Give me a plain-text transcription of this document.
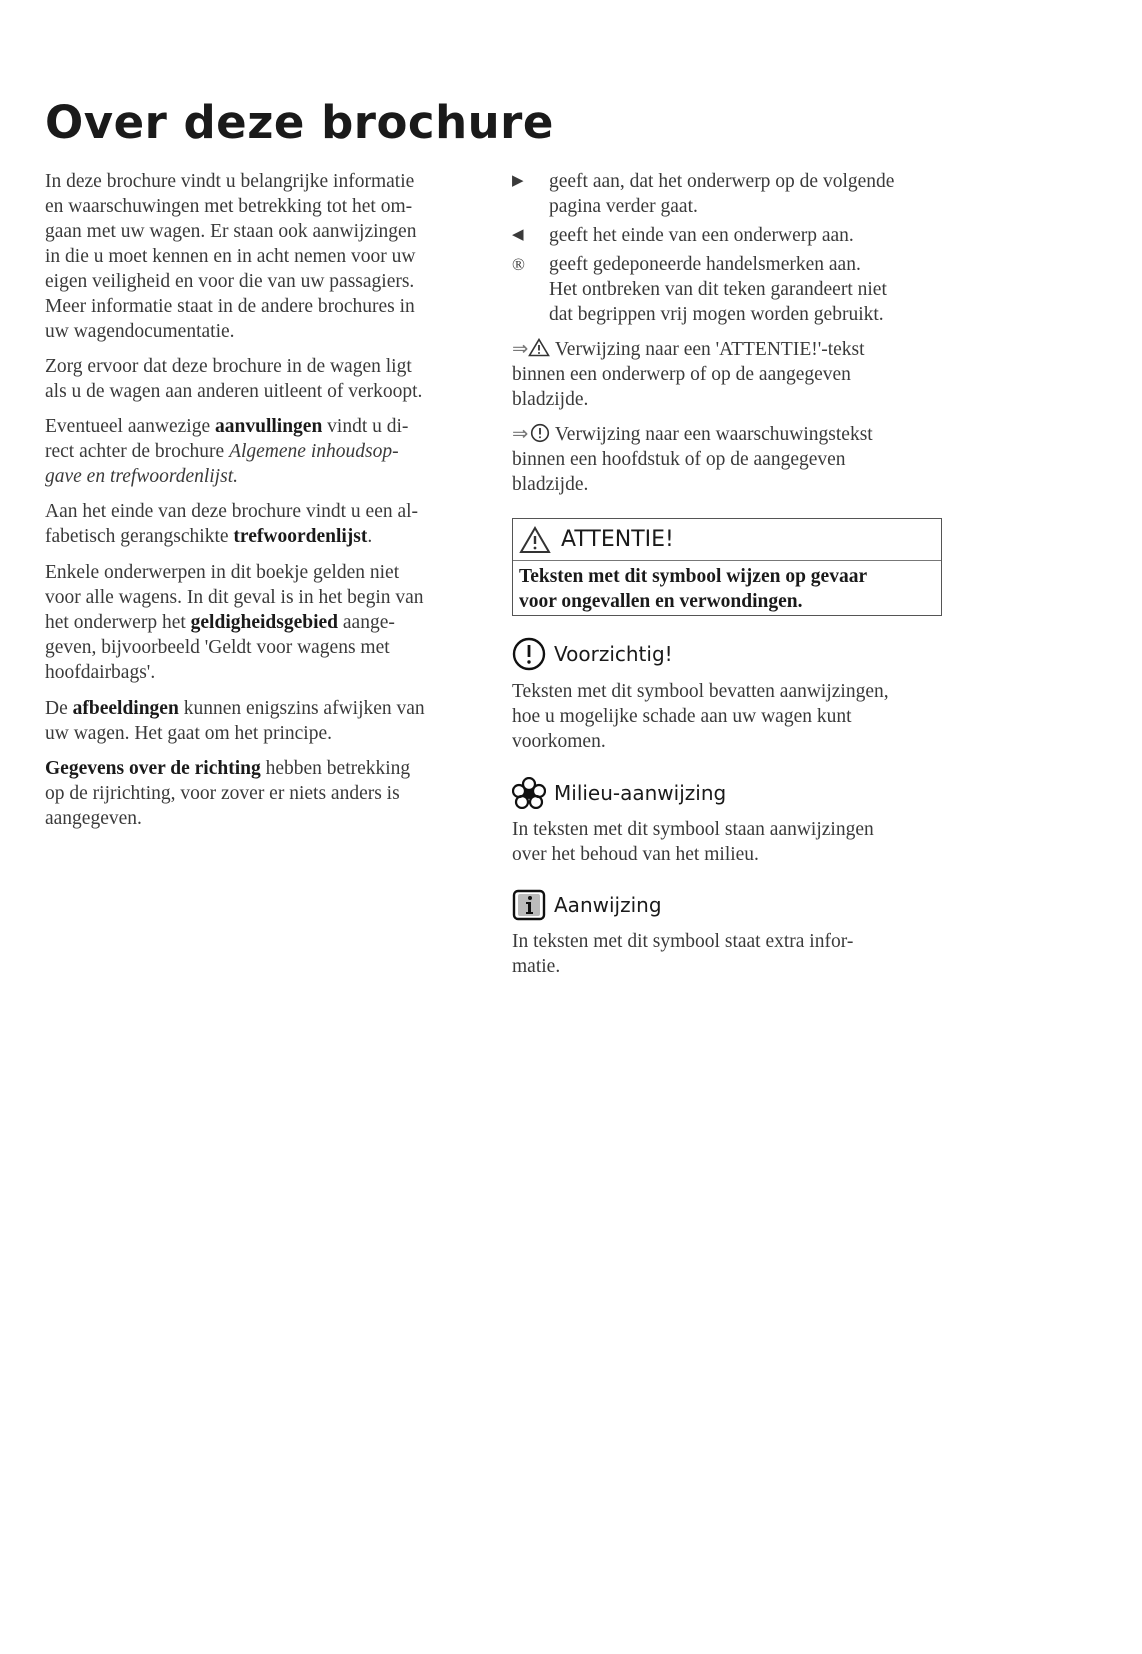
Over deze brochure

In deze brochure vindt u belangrijke informatie
en waarschuwingen met betrekking tot het om-
gaan met uw wagen. Er staan ook aanwijzingen
in die u moet kennen en in acht nemen voor uw
eigen veiligheid en voor die van uw passagiers.
Meer informatie staat in de andere brochures in
uw wagendocumentatie.

Zorg ervoor dat deze brochure in de wagen ligt
als u de wagen aan anderen uitleent of verkoopt.

Eventueel aanwezige aanvullingen vindt u di-
rect achter de brochure Algemene inhoudsop-
gave en trefwoordenlijst.

Aan het einde van deze brochure vindt u een al-
fabetisch gerangschikte trefwoordenlijst.

Enkele onderwerpen in dit boekje gelden niet
voor alle wagens. In dit geval is in het begin van
het onderwerp het geldigheidsgebied aange-
geven, bijvoorbeeld 'Geldt voor wagens met
hoofdairbags'.

De afbeeldingen kunnen enigszins afwijken van
uw wagen. Het gaat om het principe.

Gegevens over de richting hebben betrekking
op de rijrichting, voor zover er niets anders is
aangegeven.

▶	geeft aan, dat het onderwerp op de volgende
pagina verder gaat.
◀	geeft het einde van een onderwerp aan.
®	geeft gedeponeerde handelsmerken aan.
Het ontbreken van dit teken garandeert niet
dat begrippen vrij mogen worden gebruikt.

⇒ Verwijzing naar een 'ATTENTIE!'-tekst
binnen een onderwerp of op de aangegeven
bladzijde.

⇒ Verwijzing naar een waarschuwingstekst
binnen een hoofdstuk of op de aangegeven
bladzijde.

ATTENTIE!
Teksten met dit symbool wijzen op gevaar
voor ongevallen en verwondingen.
Voorzichtig!

Teksten met dit symbool bevatten aanwijzingen,
hoe u mogelijke schade aan uw wagen kunt
voorkomen.

Milieu-aanwijzing

In teksten met dit symbool staan aanwijzingen
over het behoud van het milieu.

Aanwijzing

In teksten met dit symbool staat extra infor-
matie.
